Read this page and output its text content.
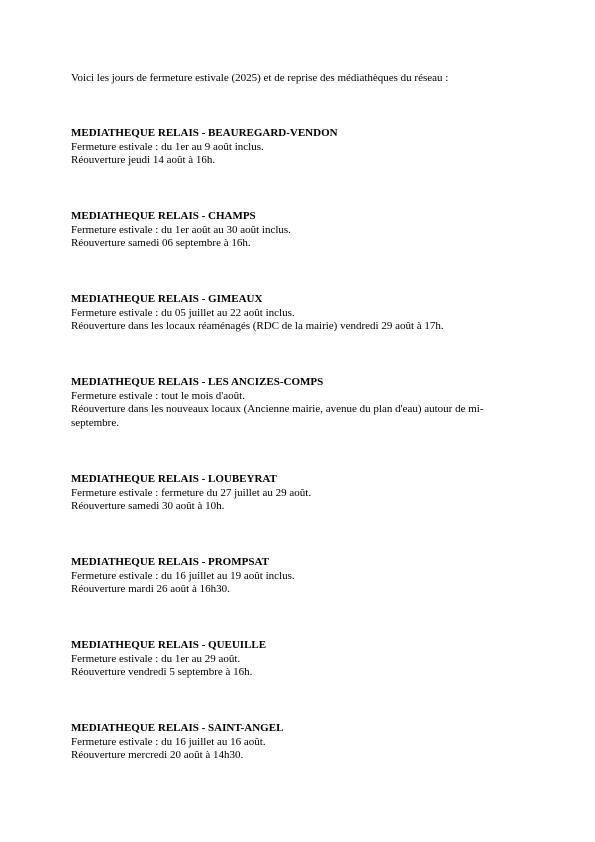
Voici les jours de fermeture estivale (2025) et de reprise des médiathèques du réseau :

MEDIATHEQUE RELAIS - BEAUREGARD-VENDON

Fermeture estivale : du 1er au 9 août inclus.

Réouverture jeudi 14 août à 16h.

MEDIATHEQUE RELAIS - CHAMPS

Fermeture estivale : du 1er août au 30 août inclus.

Réouverture samedi 06 septembre à 16h.

MEDIATHEQUE RELAIS - GIMEAUX

Fermeture estivale : du 05 juillet au 22 août inclus.

Réouverture dans les locaux réaménagés (RDC de la mairie) vendredi 29 août à 17h.

MEDIATHEQUE RELAIS - LES ANCIZES-COMPS

Fermeture estivale : tout le mois d'août.

Réouverture dans les nouveaux locaux (Ancienne mairie, avenue du plan d'eau) autour de mi-septembre.

MEDIATHEQUE RELAIS - LOUBEYRAT

Fermeture estivale : fermeture du 27 juillet au 29 août.

Réouverture samedi 30 août à 10h.

MEDIATHEQUE RELAIS - PROMPSAT

Fermeture estivale : du 16 juillet au 19 août inclus.

Réouverture mardi 26 août à 16h30.

MEDIATHEQUE RELAIS - QUEUILLE

Fermeture estivale : du 1er au 29 août.

Réouverture vendredi 5 septembre à 16h.

MEDIATHEQUE RELAIS - SAINT-ANGEL

Fermeture estivale : du 16 juillet au 16 août.

Réouverture mercredi 20 août à 14h30.
